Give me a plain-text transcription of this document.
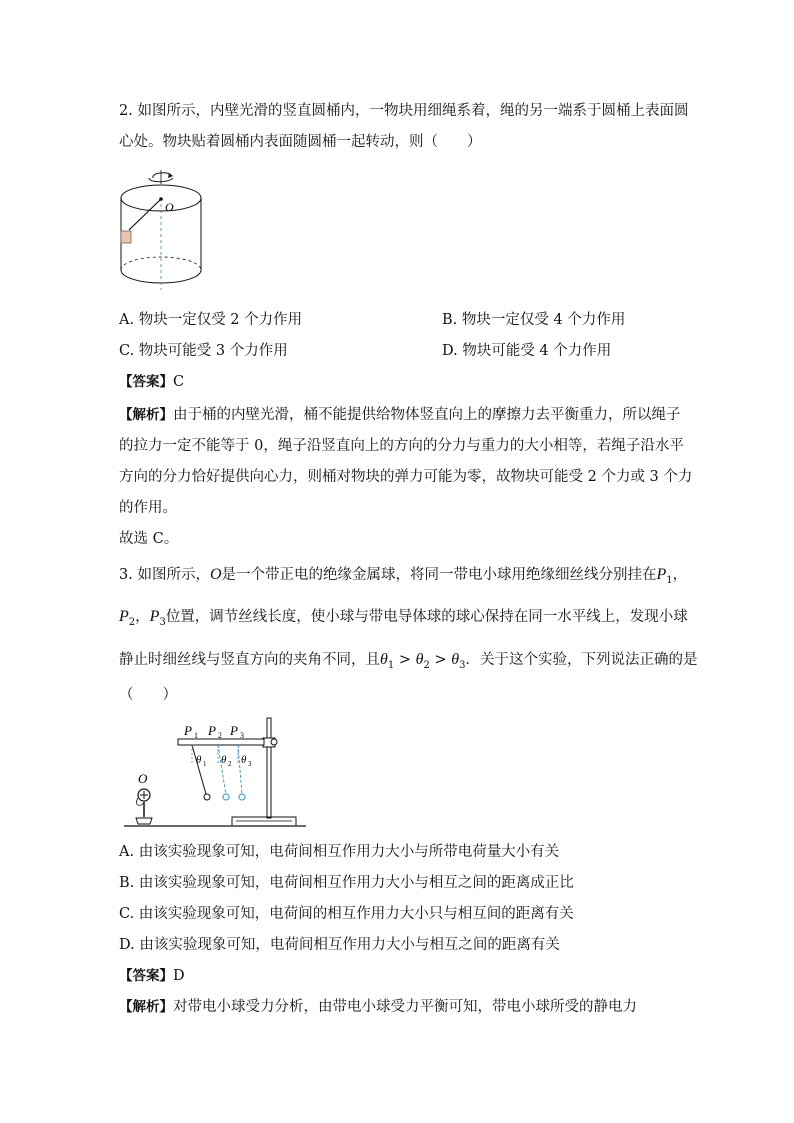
2. 如图所示，内壁光滑的竖直圆桶内，一物块用细绳系着，绳的另一端系于圆桶上表面圆
心处。物块贴着圆桶内表面随圆桶一起转动，则（　　）
O
A. 物块一定仅受 2 个力作用	B. 物块一定仅受 4 个力作用
C. 物块可能受 3 个力作用	D. 物块可能受 4 个力作用
【答案】C
【解析】由于桶的内壁光滑，桶不能提供给物体竖直向上的摩擦力去平衡重力，所以绳子
的拉力一定不能等于 0，绳子沿竖直向上的方向的分力与重力的大小相等，若绳子沿水平
方向的分力恰好提供向心力，则桶对物块的弹力可能为零，故物块可能受 2 个力或 3 个力
的作用。
故选 C。
3. 如图所示，O是一个带正电的绝缘金属球，将同一带电小球用绝缘细丝线分别挂在$P_1$，
$P_2$，$P_3$位置，调节丝线长度，使小球与带电导体球的球心保持在同一水平线上，发现小球
静止时细丝线与竖直方向的夹角不同，且$\theta_1 > \theta_2 > \theta_3$．关于这个实验，下列说法正确的是
（　　）
O
P 1 P 2 P 3
θ 1 θ 2 θ 3
A. 由该实验现象可知，电荷间相互作用力大小与所带电荷量大小有关
B. 由该实验现象可知，电荷间相互作用力大小与相互之间的距离成正比
C. 由该实验现象可知，电荷间的相互作用力大小只与相互间的距离有关
D. 由该实验现象可知，电荷间相互作用力大小与相互之间的距离有关
【答案】D
【解析】对带电小球受力分析，由带电小球受力平衡可知，带电小球所受的静电力
